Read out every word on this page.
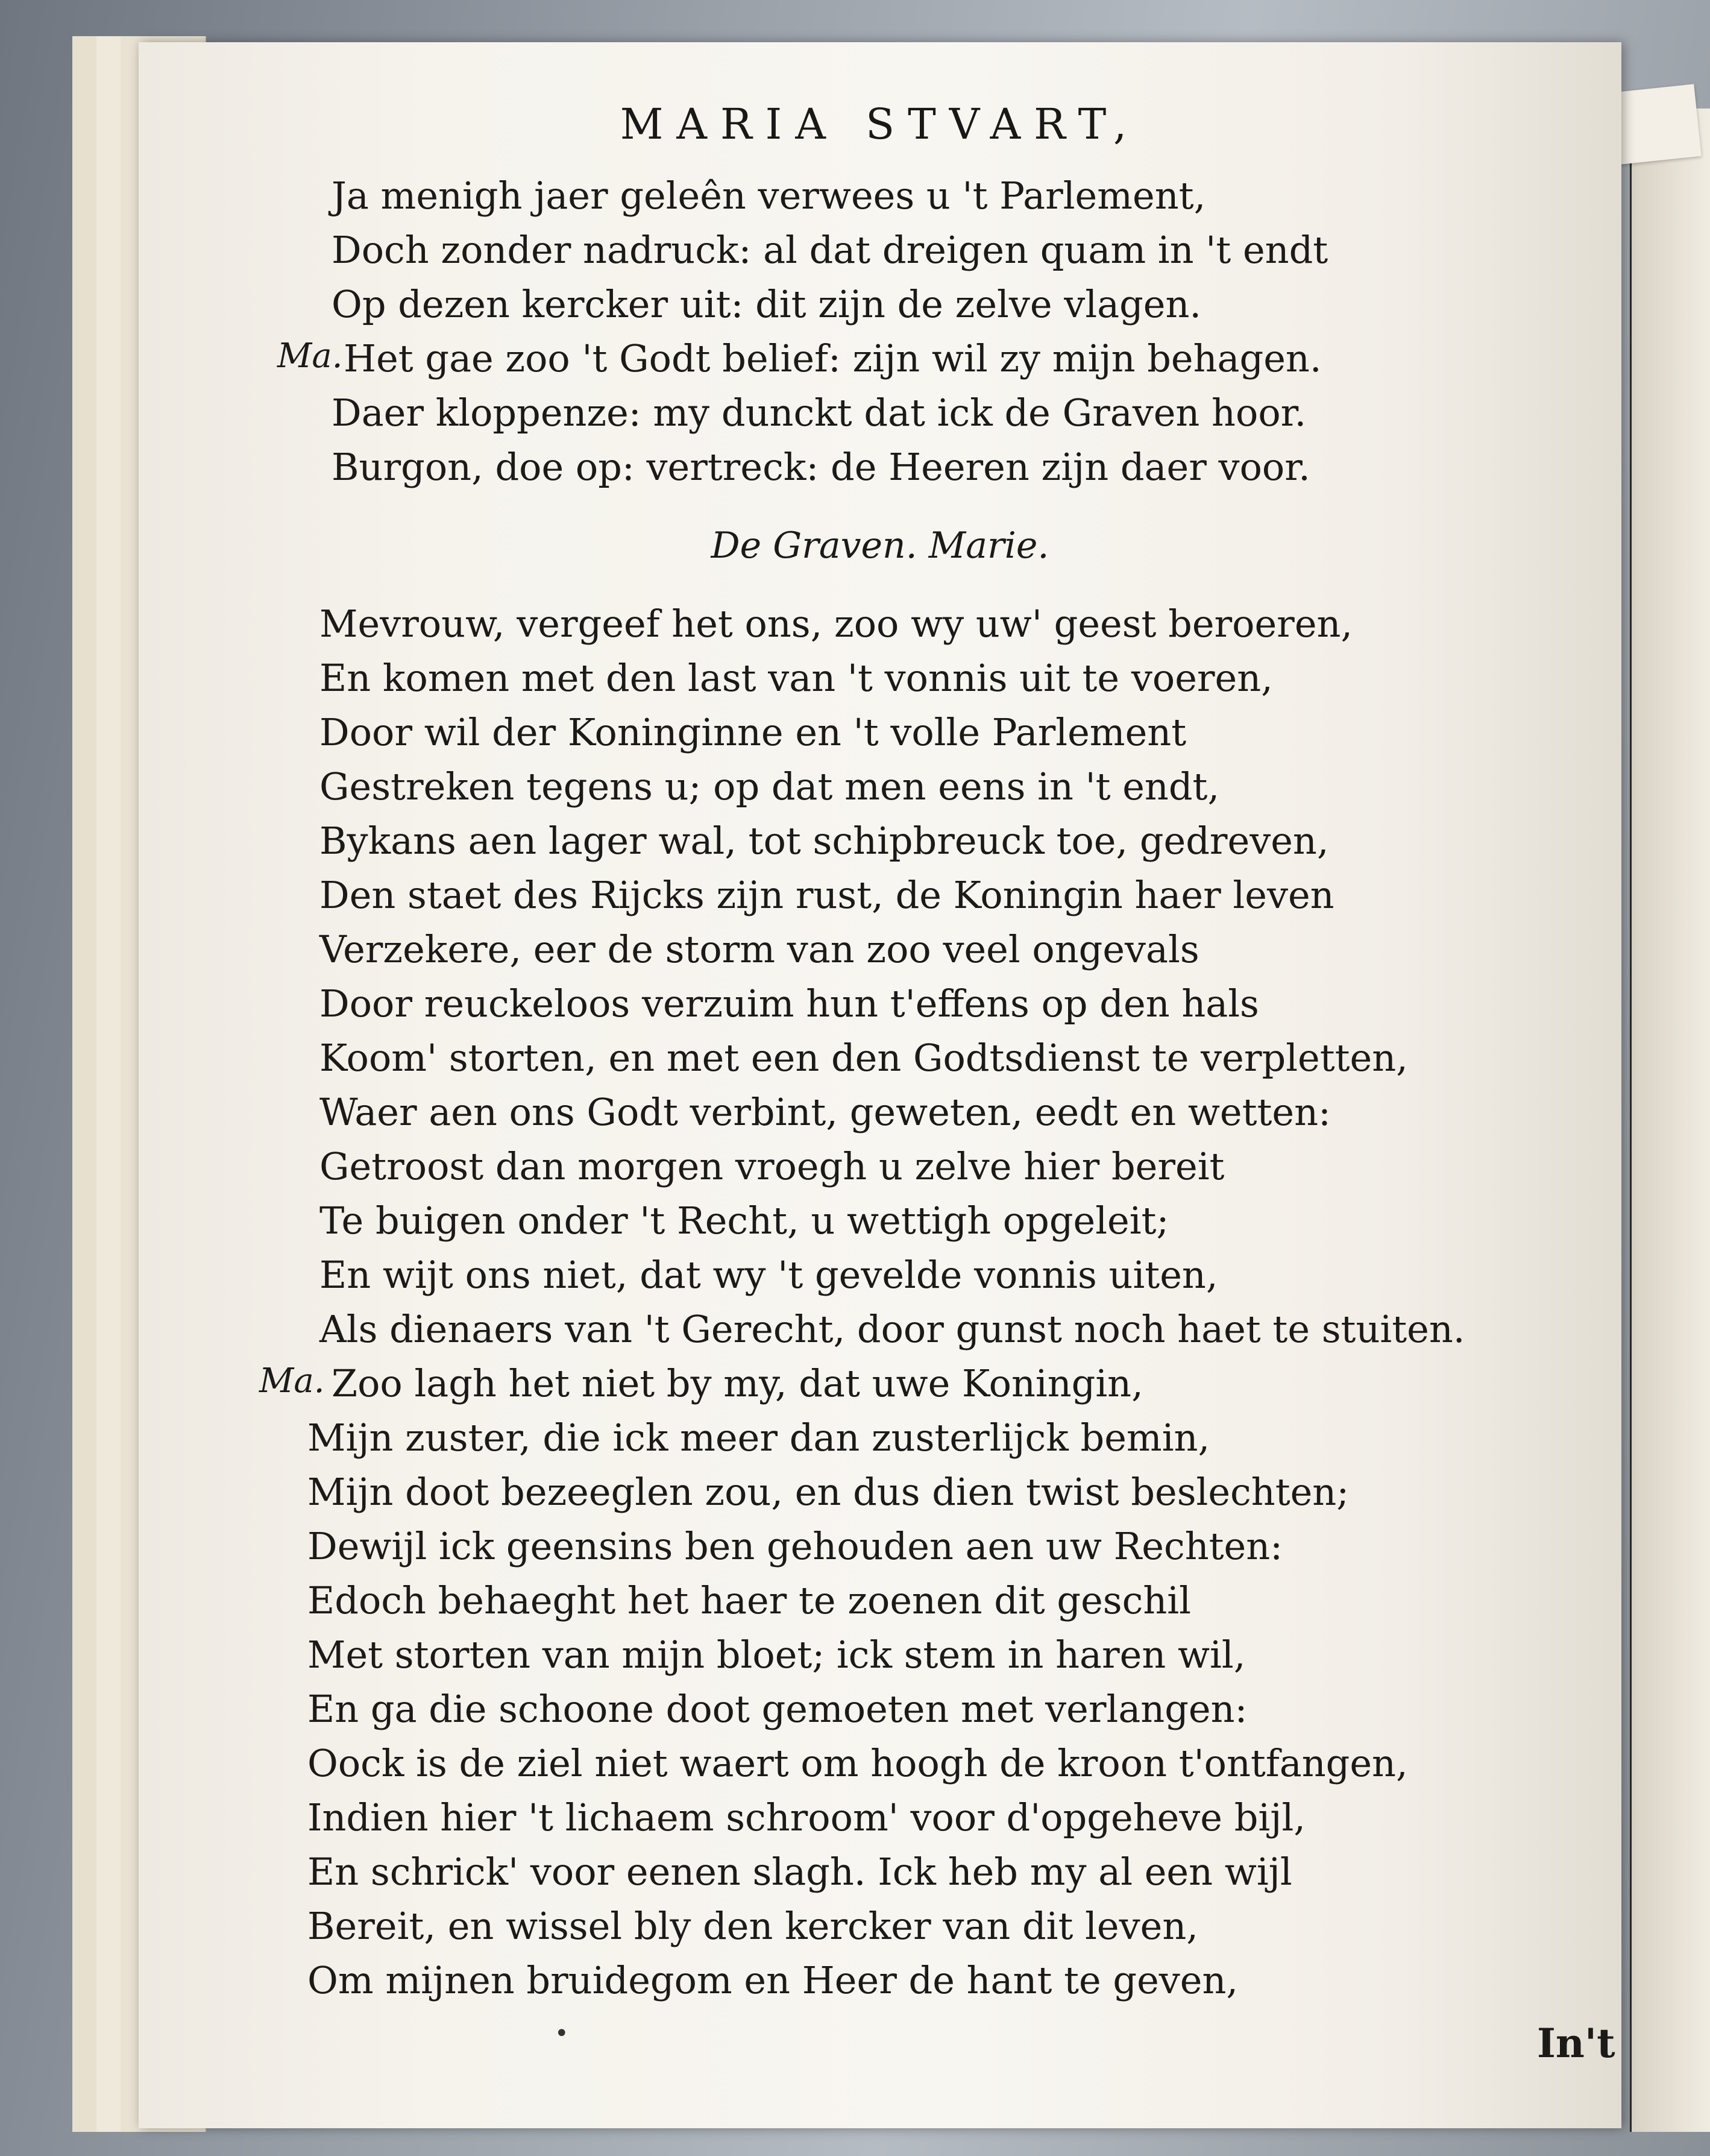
MARIA STVART,
Ja menigh jaer geleên verwees u 't Parlement,
Doch zonder nadruck: al dat dreigen quam in 't endt
Op dezen kercker uit: dit zijn de zelve vlagen.
Ma. Het gae zoo 't Godt belief: zijn wil zy mijn behagen.
Daer kloppenze: my dunckt dat ick de Graven hoor.
Burgon, doe op: vertreck: de Heeren zijn daer voor.
De Graven. Marie.
Mevrouw, vergeef het ons, zoo wy uw' geest beroeren,
En komen met den last van 't vonnis uit te voeren,
Door wil der Koninginne en 't volle Parlement
Gestreken tegens u; op dat men eens in 't endt,
Bykans aen lager wal, tot schipbreuck toe, gedreven,
Den staet des Rijcks zijn rust, de Koningin haer leven
Verzekere, eer de storm van zoo veel ongevals
Door reuckeloos verzuim hun t'effens op den hals
Koom' storten, en met een den Godtsdienst te verpletten,
Waer aen ons Godt verbint, geweten, eedt en wetten:
Getroost dan morgen vroegh u zelve hier bereit
Te buigen onder 't Recht, u wettigh opgeleit;
En wijt ons niet, dat wy 't gevelde vonnis uiten,
Als dienaers van 't Gerecht, door gunst noch haet te stuiten.
Ma. Zoo lagh het niet by my, dat uwe Koningin,
Mijn zuster, die ick meer dan zusterlijck bemin,
Mijn doot bezeeglen zou, en dus dien twist beslechten;
Dewijl ick geensins ben gehouden aen uw Rechten:
Edoch behaeght het haer te zoenen dit geschil
Met storten van mijn bloet; ick stem in haren wil,
En ga die schoone doot gemoeten met verlangen:
Oock is de ziel niet waert om hoogh de kroon t'ontfangen,
Indien hier 't lichaem schroom' voor d'opgeheve bijl,
En schrick' voor eenen slagh. Ick heb my al een wijl
Bereit, en wissel bly den kercker van dit leven,
Om mijnen bruidegom en Heer de hant te geven,
•	In't
